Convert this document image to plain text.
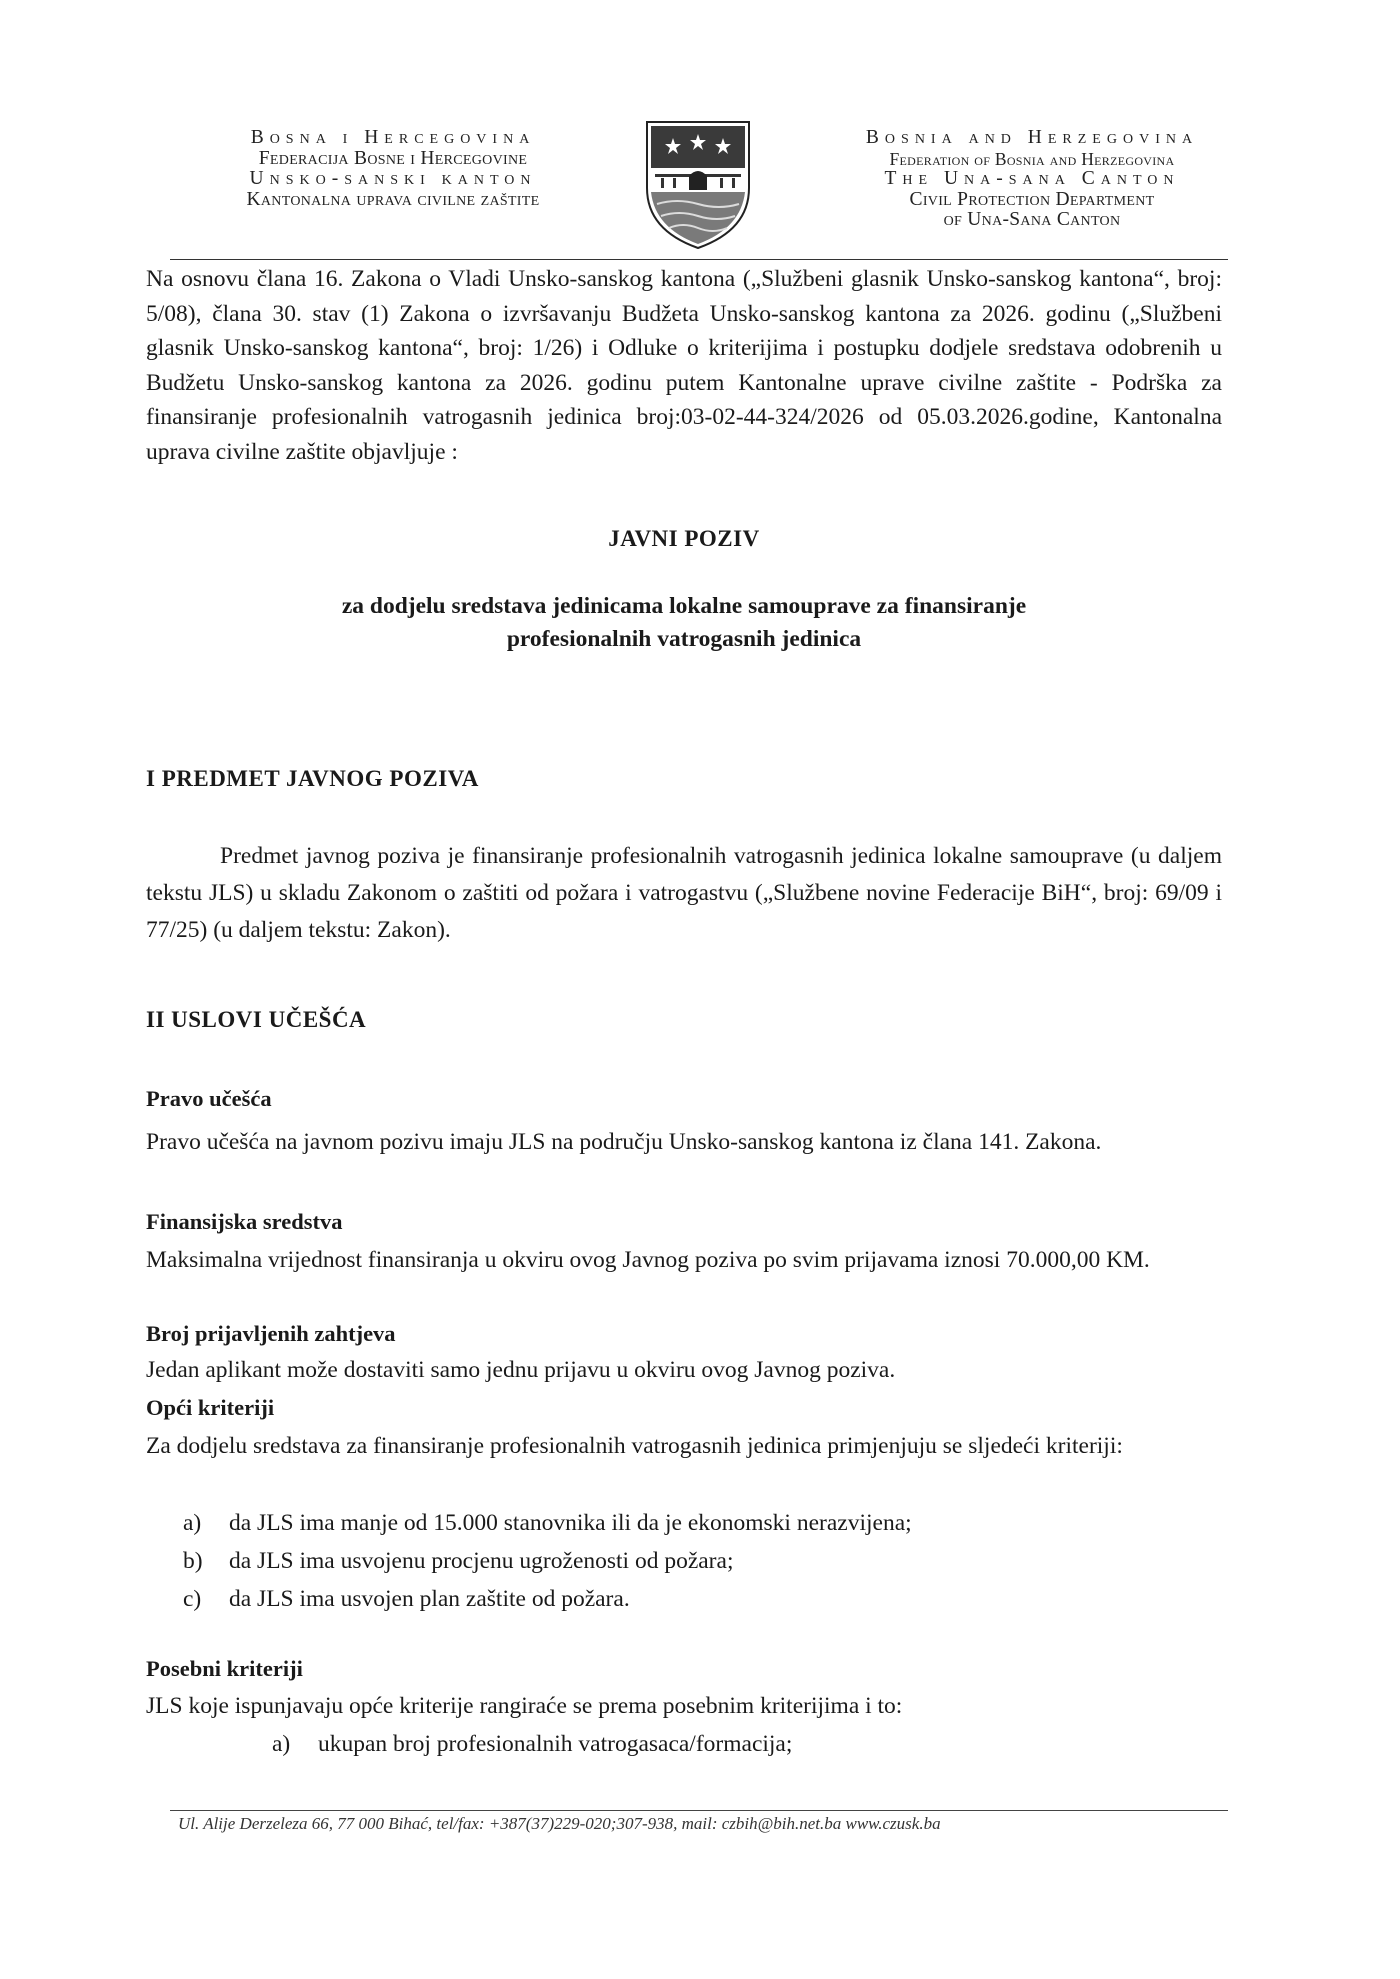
Bosna i Hercegovina
Federacija Bosne i Hercegovine
Unsko-sanski kanton
Kantonalna uprava civilne zaštite
Bosnia and Herzegovina
Federation of Bosnia and Herzegovina
The Una-sana Canton
Civil Protection Department
of Una-Sana Canton
Na osnovu člana 16. Zakona o Vladi Unsko-sanskog kantona („Službeni glasnik Unsko-sanskog kantona“, broj: 5/08), člana 30. stav (1) Zakona o izvršavanju Budžeta Unsko-sanskog kantona za 2026. godinu („Službeni glasnik Unsko-sanskog kantona“, broj: 1/26) i Odluke o kriterijima i postupku dodjele sredstava odobrenih u Budžetu Unsko-sanskog kantona za 2026. godinu putem Kantonalne uprave civilne zaštite - Podrška za finansiranje profesionalnih vatrogasnih jedinica broj:03-02-44-324/2026 od 05.03.2026.godine, Kantonalna uprava civilne zaštite objavljuje :
JAVNI POZIV
za dodjelu sredstava jedinicama lokalne samouprave za finansiranje
profesionalnih vatrogasnih jedinica
I PREDMET JAVNOG POZIVA
Predmet javnog poziva je finansiranje profesionalnih vatrogasnih jedinica lokalne samouprave (u daljem tekstu JLS) u skladu Zakonom o zaštiti od požara i vatrogastvu („Službene novine Federacije BiH“, broj: 69/09 i 77/25) (u daljem tekstu: Zakon).
II USLOVI UČEŠĆA
Pravo učešća
Pravo učešća na javnom pozivu imaju JLS na području Unsko-sanskog kantona iz člana 141. Zakona.
Finansijska sredstva
Maksimalna vrijednost finansiranja u okviru ovog Javnog poziva po svim prijavama iznosi 70.000,00 KM.
Broj prijavljenih zahtjeva
Jedan aplikant može dostaviti samo jednu prijavu u okviru ovog Javnog poziva.
Opći kriteriji
Za dodjelu sredstava za finansiranje profesionalnih vatrogasnih jedinica primjenjuju se sljedeći kriteriji:
a) da JLS ima manje od 15.000 stanovnika ili da je ekonomski nerazvijena;
b) da JLS ima usvojenu procjenu ugroženosti od požara;
c) da JLS ima usvojen plan zaštite od požara.
Posebni kriteriji
JLS koje ispunjavaju opće kriterije rangiraće se prema posebnim kriterijima i to:
a) ukupan broj profesionalnih vatrogasaca/formacija;
Ul. Alije Derzeleza 66, 77 000 Bihać, tel/fax: +387(37)229-020;307-938, mail: czbih@bih.net.ba www.czusk.ba
